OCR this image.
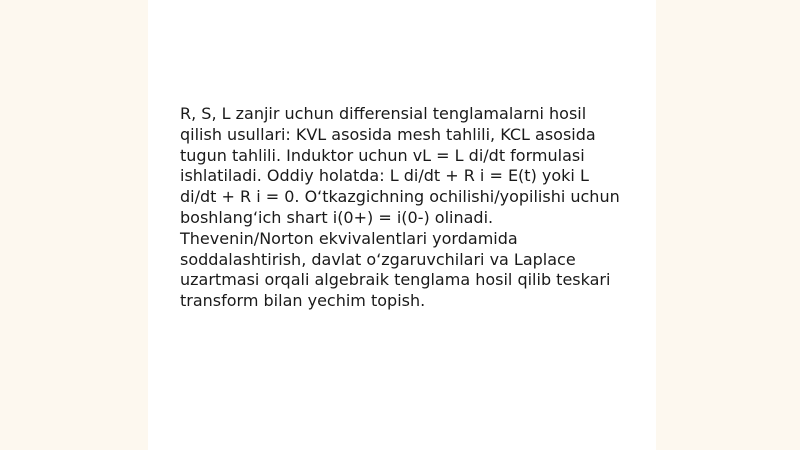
R, S, L zanjir uchun differensial tenglamalarni hosil
qilish usullari: KVL asosida mesh tahlili, KCL asosida
tugun tahlili. Induktor uchun vL = L di/dt formulasi
ishlatiladi. Oddiy holatda: L di/dt + R i = E(t) yoki L
di/dt + R i = 0. O‘tkazgichning ochilishi/yopilishi uchun
boshlang‘ich shart i(0+) = i(0-) olinadi.
Thevenin/Norton ekvivalentlari yordamida
soddalashtirish, davlat o‘zgaruvchilari va Laplace
uzartmasi orqali algebraik tenglama hosil qilib teskari
transform bilan yechim topish.
